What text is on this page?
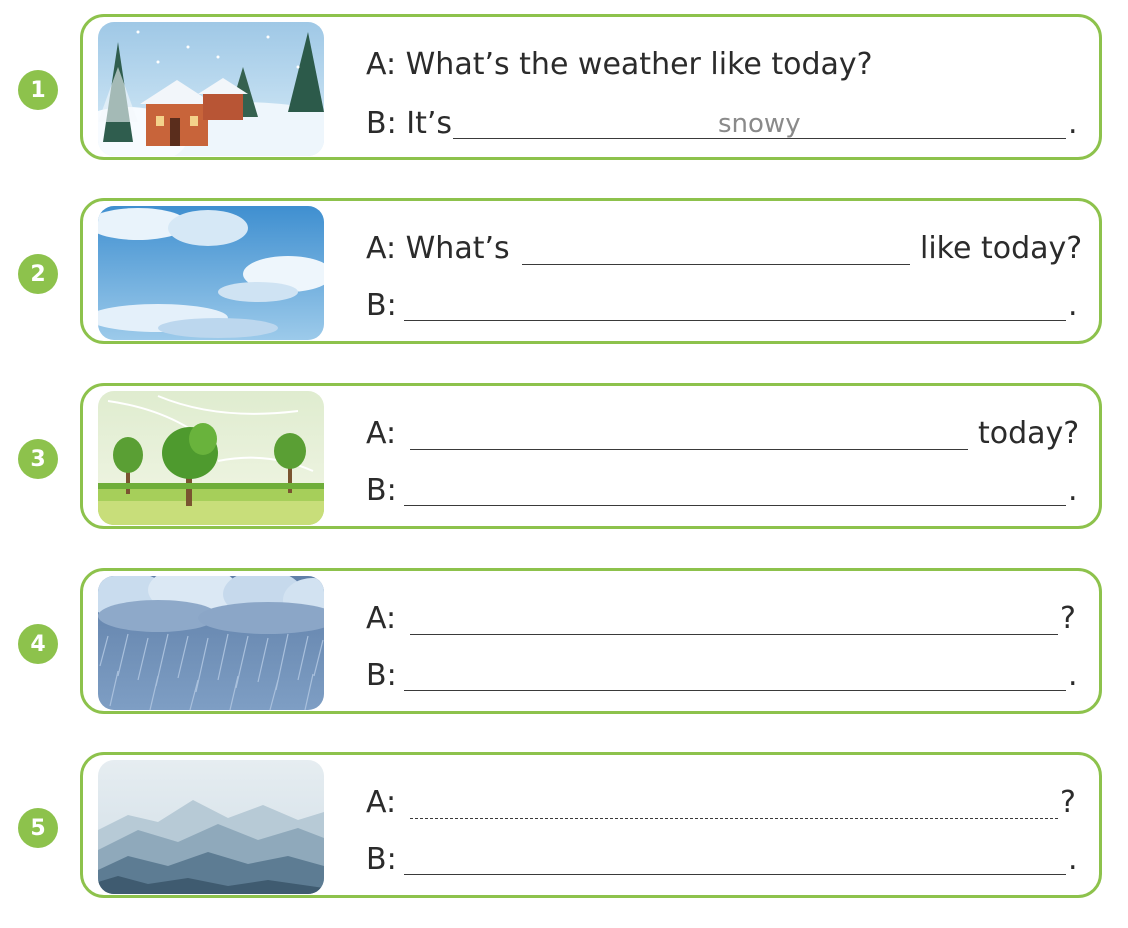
1
A: What’s the weather like today?
B: It’s	snowy	.
2
A: What’s	like today?
B:	.
3
A:	today?
B:	.
4
A:	?
B:	.
5
A:	?
B:	.
